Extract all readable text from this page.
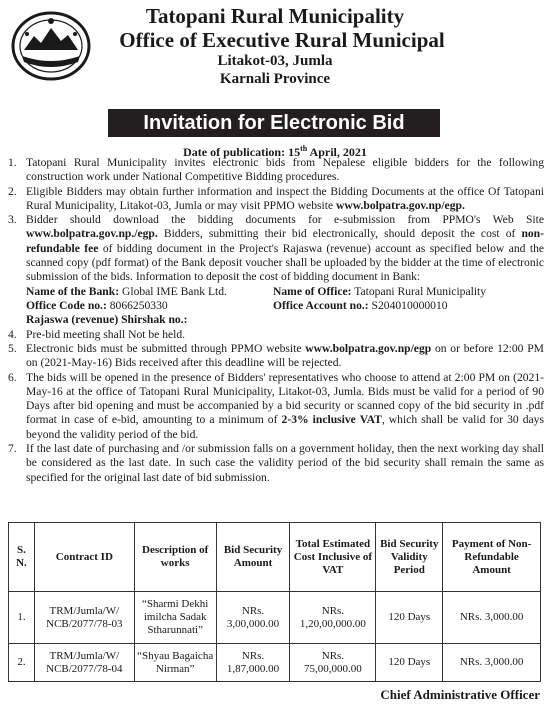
Tatopani Rural Municipality
Office of Executive Rural Municipal
Litakot-03, Jumla
Karnali Province
Invitation for Electronic Bid
Date of publication: 15th April, 2021
1. Tatopani Rural Municipality invites electronic bids from Nepalese eligible bidders for the following construction work under National Competitive Bidding procedures.
2. Eligible Bidders may obtain further information and inspect the Bidding Documents at the office Of Tatopani Rural Municipality, Litakot-03, Jumla or may visit PPMO website www.bolpatra.gov.np/egp.
3. Bidder should download the bidding documents for e-submission from PPMO's Web Site www.bolpatra.gov.np./egp. Bidders, submitting their bid electronically, should deposit the cost of non-refundable fee of bidding document in the Project's Rajaswa (revenue) account as specified below and the scanned copy (pdf format) of the Bank deposit voucher shall be uploaded by the bidder at the time of electronic submission of the bids. Information to deposit the cost of bidding document in Bank:
Name of the Bank: Global IME Bank Ltd.	Name of Office: Tatopani Rural Municipality
Office Code no.: 8066250330	Office Account no.: S204010000010
Rajaswa (revenue) Shirshak no.:
4. Pre-bid meeting shall Not be held.
5. Electronic bids must be submitted through PPMO website www.bolpatra.gov.np/egp on or before 12:00 PM on (2021-May-16) Bids received after this deadline will be rejected.
6. The bids will be opened in the presence of Bidders' representatives who choose to attend at 2:00 PM on (2021-May-16 at the office of Tatopani Rural Municipality, Litakot-03, Jumla. Bids must be valid for a period of 90 Days after bid opening and must be accompanied by a bid security or scanned copy of the bid security in .pdf format in case of e-bid, amounting to a minimum of 2-3% inclusive VAT, which shall be valid for 30 days beyond the validity period of the bid.
7. If the last date of purchasing and /or submission falls on a government holiday, then the next working day shall be considered as the last date. In such case the validity period of the bid security shall remain the same as specified for the original last date of bid submission.
S. N.	Contract ID	Description of works	Bid Security Amount	Total Estimated Cost Inclusive of VAT	Bid Security Validity Period	Payment of Non-Refundable Amount
1.	TRM/Jumla/W/ NCB/2077/78-03	“Sharmi Dekhi imilcha Sadak Stharunnati”	NRs. 3,00,000.00	NRs. 1,20,00,000.00	120 Days	NRs. 3,000.00
2.	TRM/Jumla/W/ NCB/2077/78-04	“Shyau Bagaicha Nirman”	NRs. 1,87,000.00	NRs. 75,00,000.00	120 Days	NRs. 3,000.00
Chief Administrative Officer
